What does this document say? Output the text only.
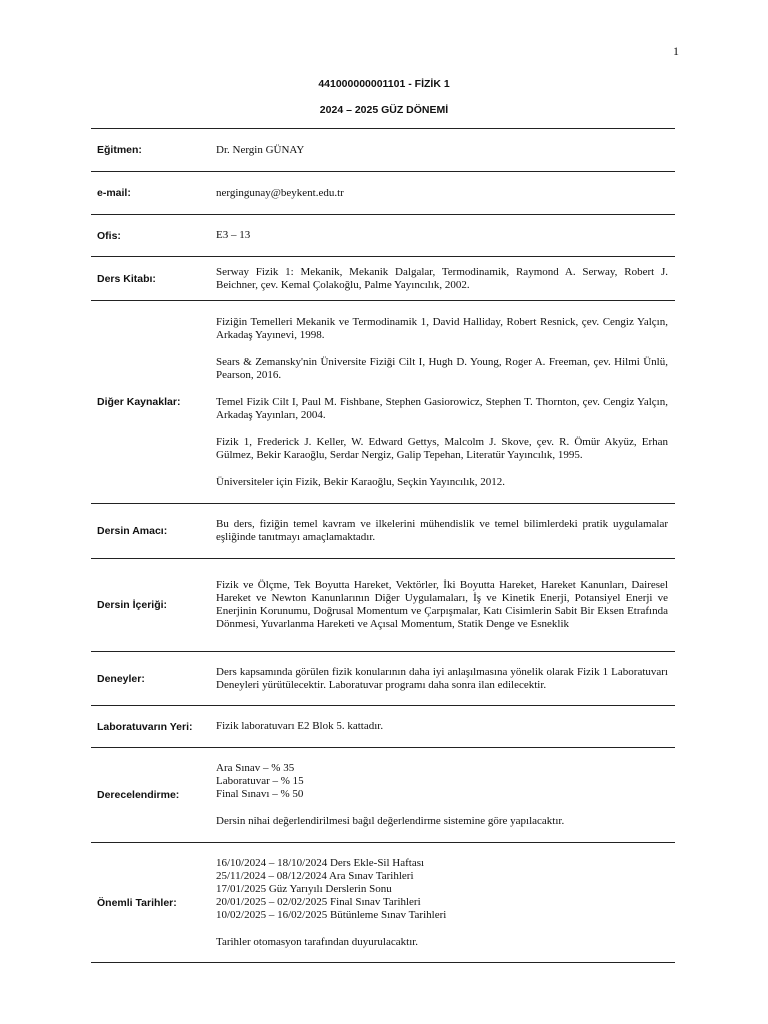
1
441000000001101 - FİZİK 1
2024 – 2025 GÜZ DÖNEMİ
Eğitmen:	Dr. Nergin GÜNAY
e-mail:	nergingunay@beykent.edu.tr
Ofis:	E3 – 13
Ders Kitabı:
Serway Fizik 1: Mekanik, Mekanik Dalgalar, Termodinamik, Raymond A. Serway, Robert J. Beichner, çev. Kemal Çolakoğlu, Palme Yayıncılık, 2002.
Diğer Kaynaklar:
Fiziğin Temelleri Mekanik ve Termodinamik 1, David Halliday, Robert Resnick, çev. Cengiz Yalçın, Arkadaş Yayınevi, 1998.
Sears & Zemansky'nin Üniversite Fiziği Cilt I, Hugh D. Young, Roger A. Freeman, çev. Hilmi Ünlü, Pearson, 2016.
Temel Fizik Cilt I, Paul M. Fishbane, Stephen Gasiorowicz, Stephen T. Thornton, çev. Cengiz Yalçın, Arkadaş Yayınları, 2004.
Fizik 1, Frederick J. Keller, W. Edward Gettys, Malcolm J. Skove, çev. R. Ömür Akyüz, Erhan Gülmez, Bekir Karaoğlu, Serdar Nergiz, Galip Tepehan, Literatür Yayıncılık, 1995.
Üniversiteler için Fizik, Bekir Karaoğlu, Seçkin Yayıncılık, 2012.
Dersin Amacı:
Bu ders, fiziğin temel kavram ve ilkelerini mühendislik ve temel bilimlerdeki pratik uygulamalar eşliğinde tanıtmayı amaçlamaktadır.
Dersin İçeriği:
Fizik ve Ölçme, Tek Boyutta Hareket, Vektörler, İki Boyutta Hareket, Hareket Kanunları, Dairesel Hareket ve Newton Kanunlarının Diğer Uygulamaları, İş ve Kinetik Enerji, Potansiyel Enerji ve Enerjinin Korunumu, Doğrusal Momentum ve Çarpışmalar, Katı Cisimlerin Sabit Bir Eksen Etrafında Dönmesi, Yuvarlanma Hareketi ve Açısal Momentum, Statik Denge ve Esneklik
Deneyler:
Ders kapsamında görülen fizik konularının daha iyi anlaşılmasına yönelik olarak Fizik 1 Laboratuvarı Deneyleri yürütülecektir. Laboratuvar programı daha sonra ilan edilecektir.
Laboratuvarın Yeri:	Fizik laboratuvarı E2 Blok 5. kattadır.
Derecelendirme:
Ara Sınav – % 35
Laboratuvar – % 15
Final Sınavı – % 50
Dersin nihai değerlendirilmesi bağıl değerlendirme sistemine göre yapılacaktır.
Önemli Tarihler:
16/10/2024 – 18/10/2024 Ders Ekle-Sil Haftası
25/11/2024 – 08/12/2024 Ara Sınav Tarihleri
17/01/2025 Güz Yarıyılı Derslerin Sonu
20/01/2025 – 02/02/2025 Final Sınav Tarihleri
10/02/2025 – 16/02/2025 Bütünleme Sınav Tarihleri
Tarihler otomasyon tarafından duyurulacaktır.
